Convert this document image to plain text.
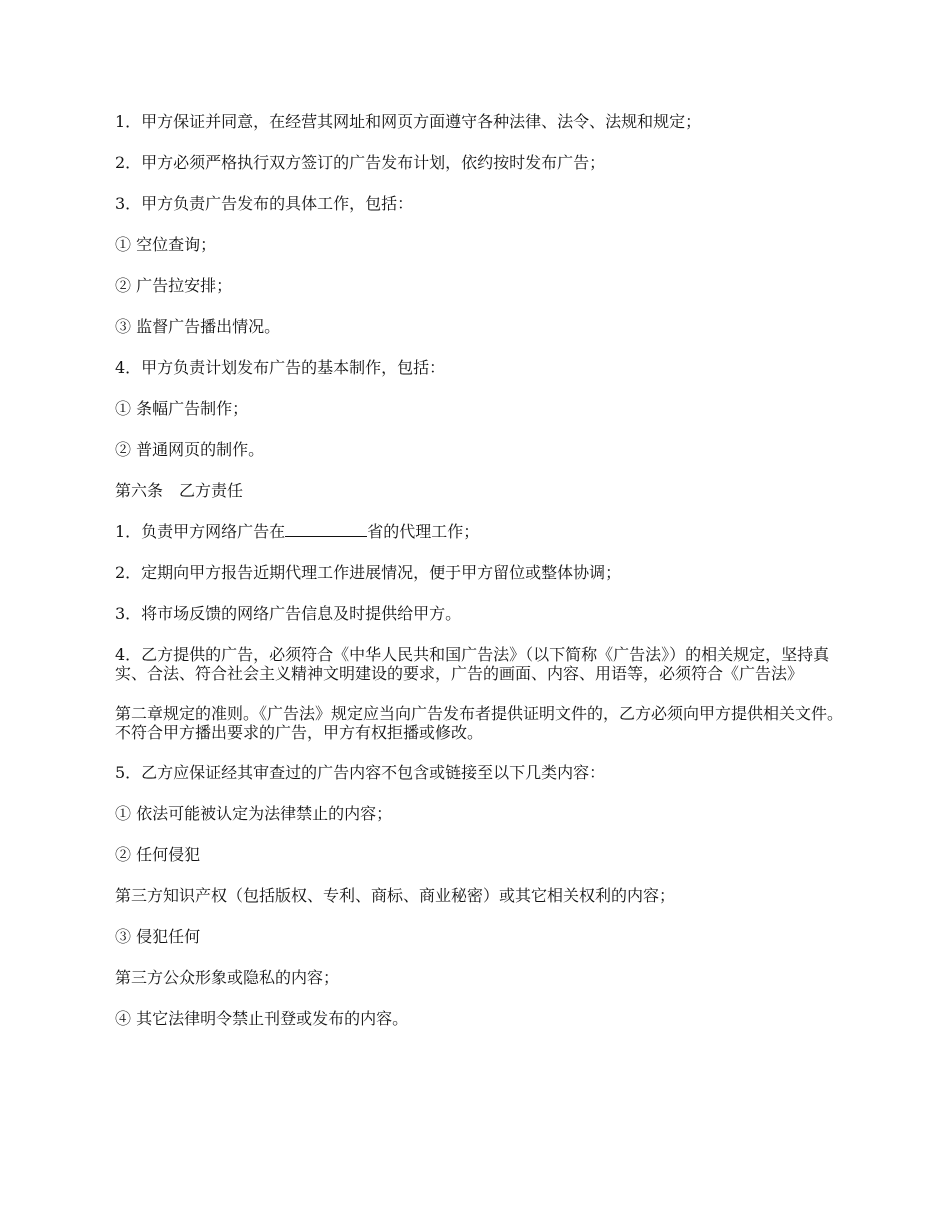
1．甲方保证并同意，在经营其网址和网页方面遵守各种法律、法令、法规和规定；

2．甲方必须严格执行双方签订的广告发布计划，依约按时发布广告；

3．甲方负责广告发布的具体工作，包括：

① 空位查询；

② 广告拉安排；

③ 监督广告播出情况。

4．甲方负责计划发布广告的基本制作，包括：

① 条幅广告制作；

② 普通网页的制作。

第六条　乙方责任

1．负责甲方网络广告在	省的代理工作；

2．定期向甲方报告近期代理工作进展情况，便于甲方留位或整体协调；

3．将市场反馈的网络广告信息及时提供给甲方。

4．乙方提供的广告，必须符合《中华人民共和国广告法》（以下简称《广告法》）的相关规定，坚持真实、合法、符合社会主义精神文明建设的要求，广告的画面、内容、用语等，必须符合《广告法》

第二章规定的准则。《广告法》规定应当向广告发布者提供证明文件的，乙方必须向甲方提供相关文件。不符合甲方播出要求的广告，甲方有权拒播或修改。

5．乙方应保证经其审查过的广告内容不包含或链接至以下几类内容：

① 依法可能被认定为法律禁止的内容；

② 任何侵犯

第三方知识产权（包括版权、专利、商标、商业秘密）或其它相关权利的内容；

③ 侵犯任何

第三方公众形象或隐私的内容；

④ 其它法律明令禁止刊登或发布的内容。
